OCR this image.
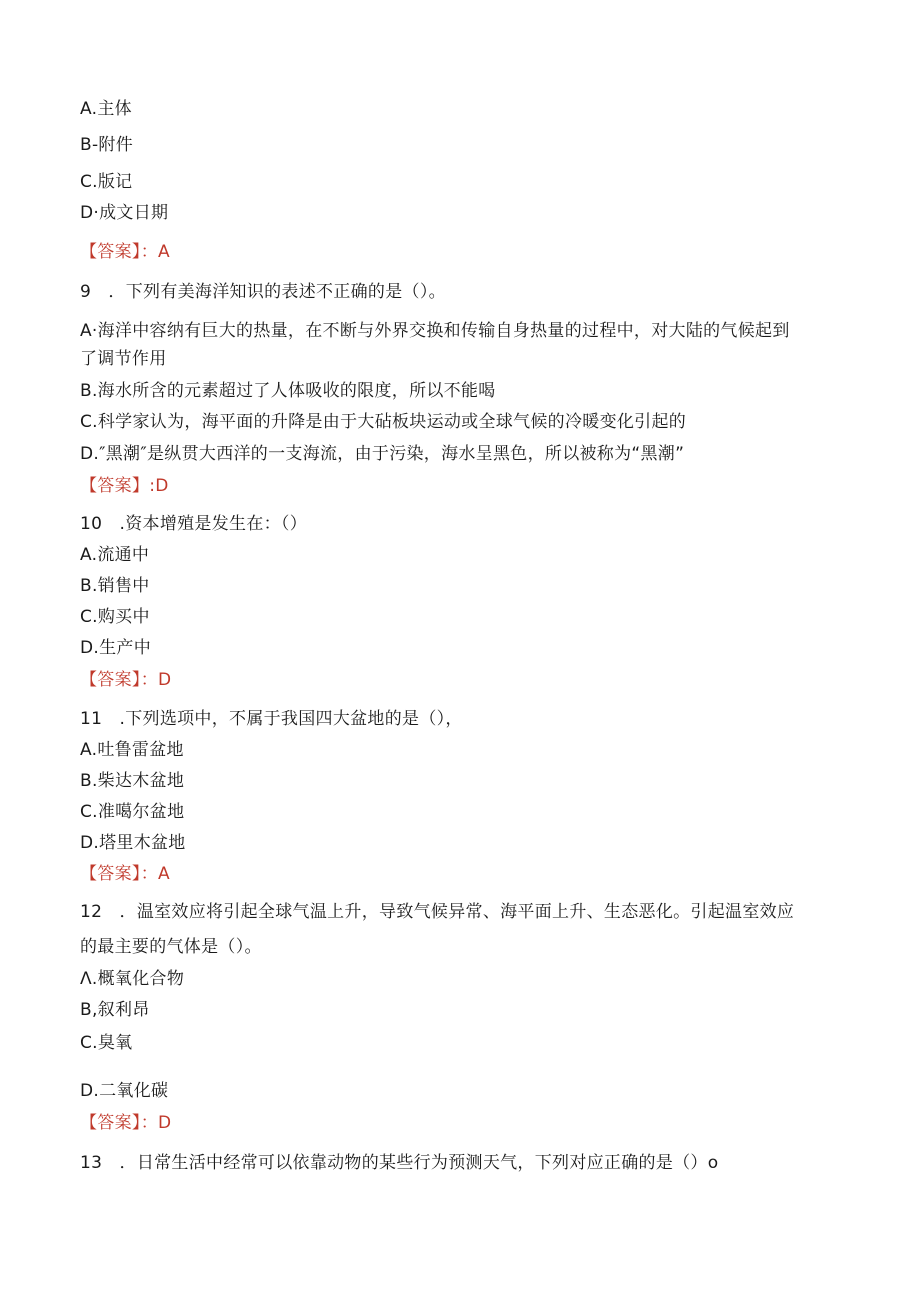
A.主体
B-附件
C.版记
D·成文日期
【答案】：A
9　．下列有美海洋知识的表述不正确的是（）。
A·海洋中容纳有巨大的热量，在不断与外界交换和传输自身热量的过程中，对大陆的气候起到
了调节作用
B.海水所含的元素超过了人体吸收的限度，所以不能喝
C.科学家认为，海平面的升降是由于大砧板块运动或全球气候的冷暖变化引起的
D.″黑潮″是纵贯大西洋的一支海流，由于污染，海水呈黑色，所以被称为“黑潮”
【答案】:D
10　.资本增殖是发生在：（）
A.流通中
B.销售中
C.购买中
D.生产中
【答案】：D
11　.下列选项中，不属于我国四大盆地的是（），
A.吐鲁雷盆地
B.柴达木盆地
C.准噶尔盆地
D.塔里木盆地
【答案】：A
12　．温室效应将引起全球气温上升，导致气候异常、海平面上升、生态恶化。引起温室效应
的最主要的气体是（）。
Λ.概氧化合物
B,叙利昂
C.臭氧
D.二氧化碳
【答案】：D
13　．日常生活中经常可以依靠动物的某些行为预测天气，下列对应正确的是（）o
